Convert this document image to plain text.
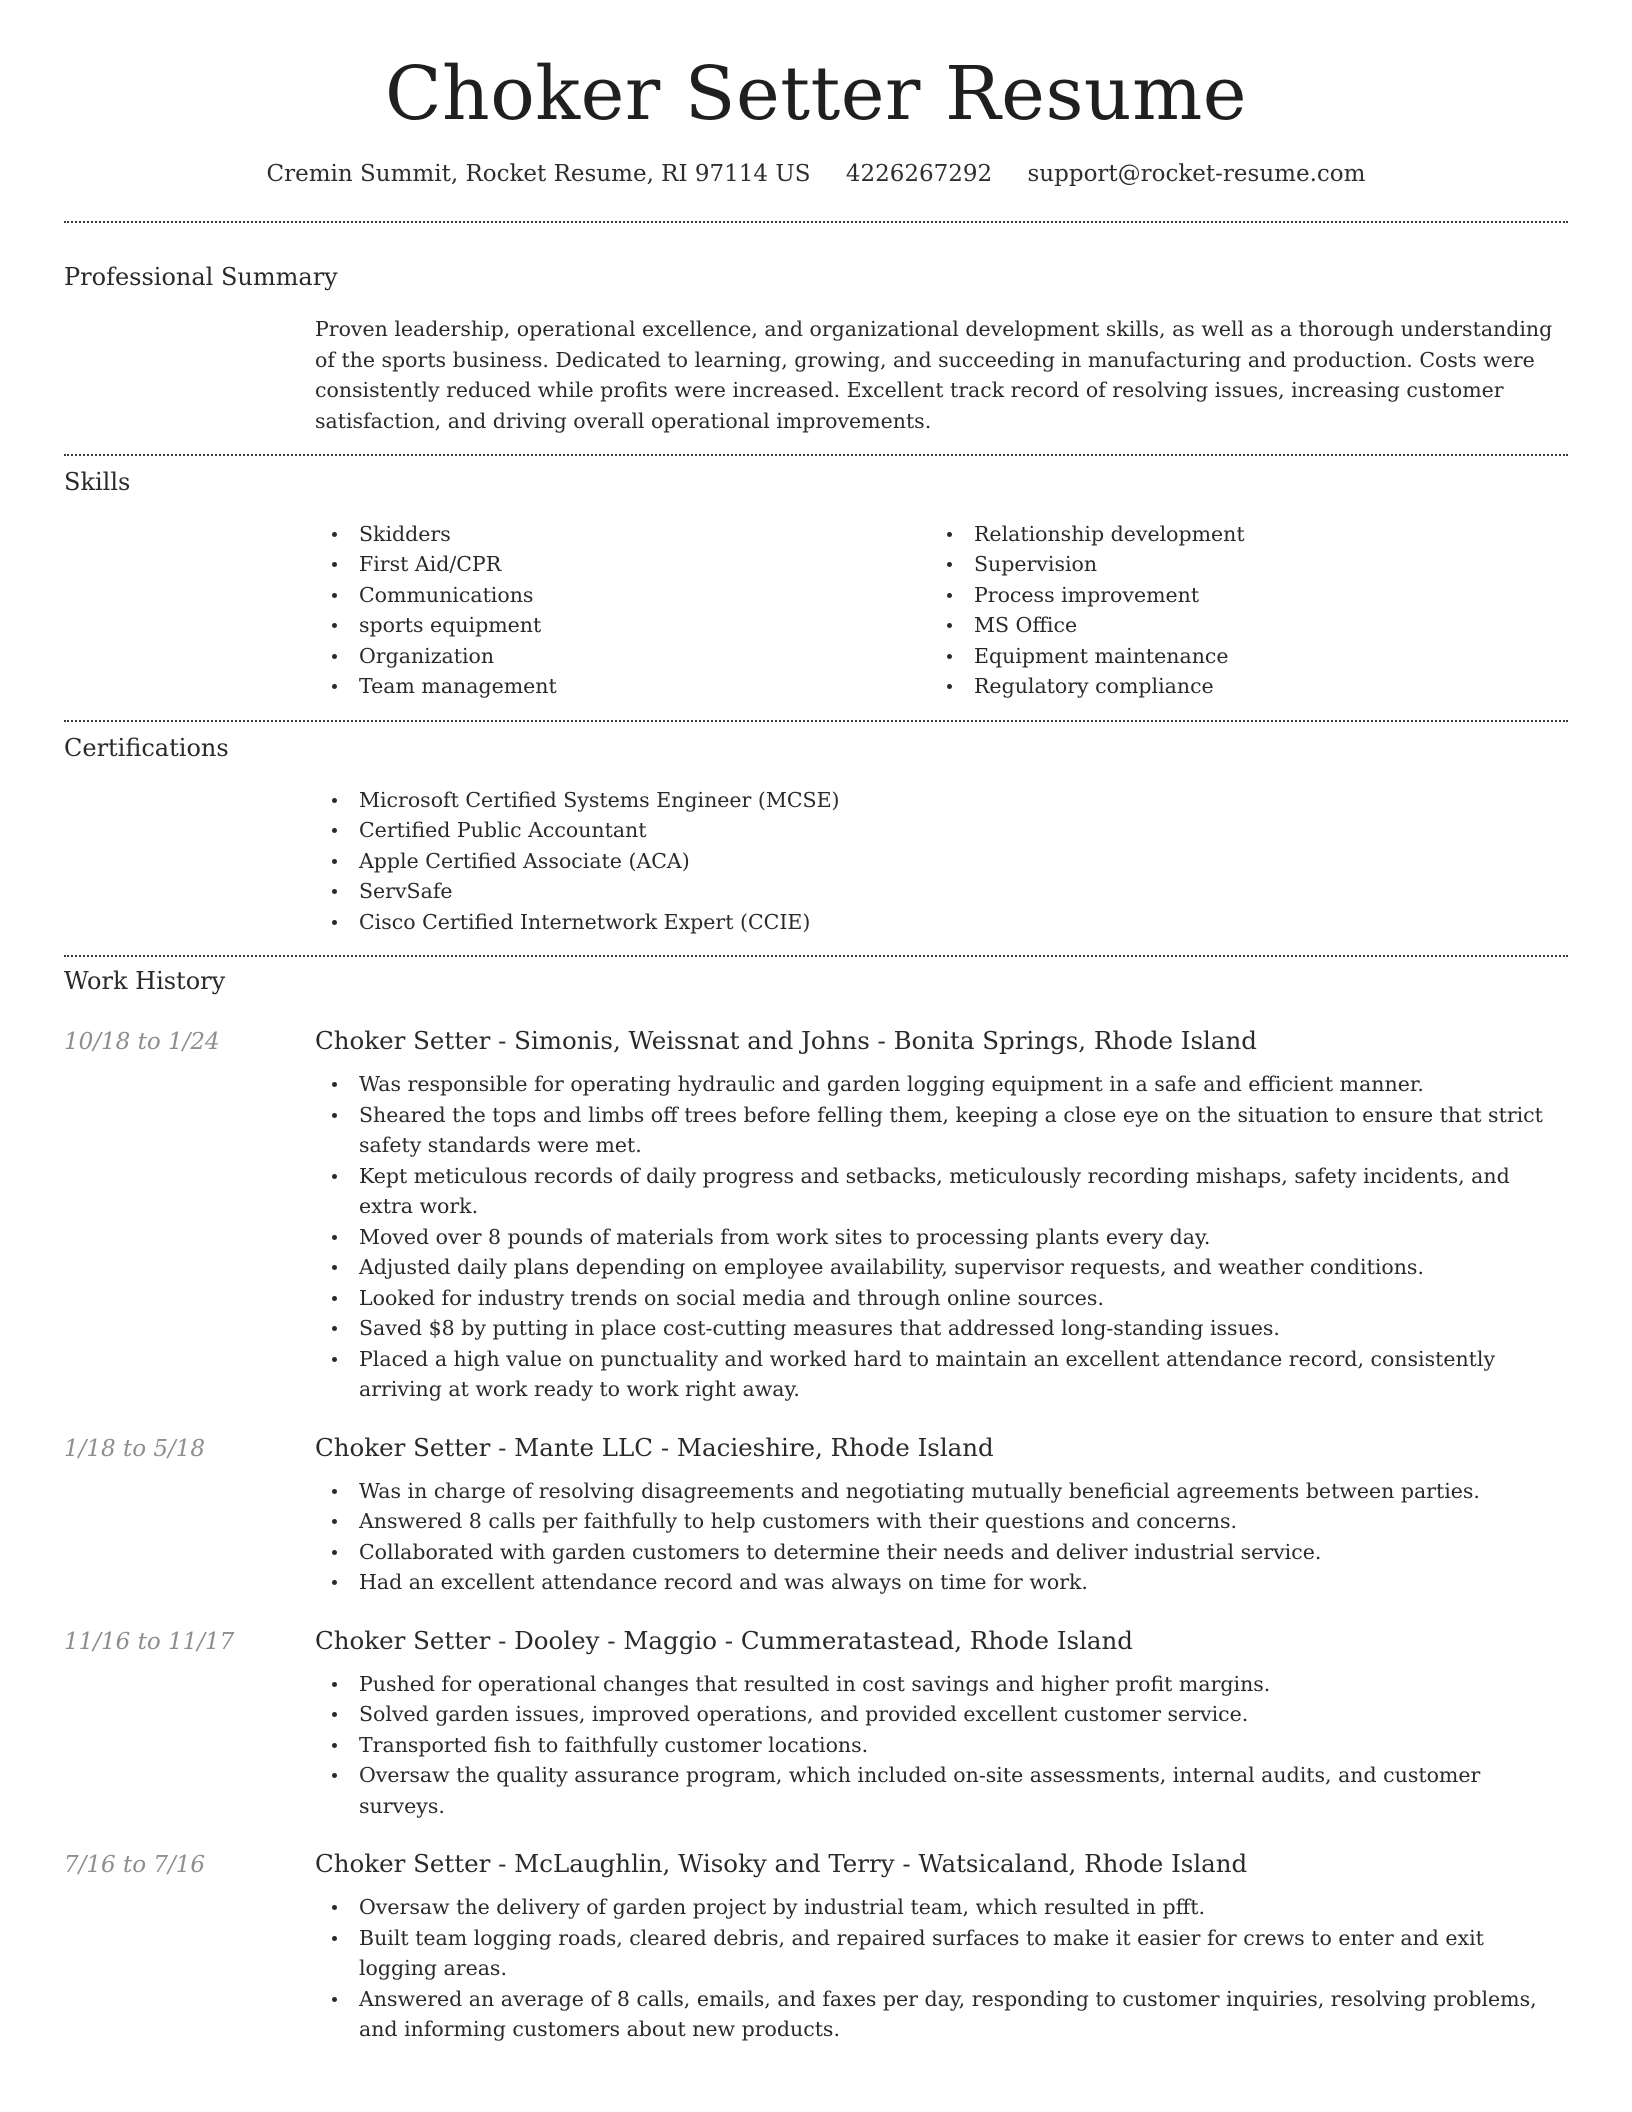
Choker Setter Resume
Cremin Summit, Rocket Resume, RI 97114 US 4226267292 support@rocket-resume.com
Professional Summary

Proven leadership, operational excellence, and organizational development skills, as well as a thorough understanding of the sports business. Dedicated to learning, growing, and succeeding in manufacturing and production. Costs were consistently reduced while profits were increased. Excellent track record of resolving issues, increasing customer satisfaction, and driving overall operational improvements.

Skills
Skidders
First Aid/CPR
Communications
sports equipment
Organization
Team management
Relationship development
Supervision
Process improvement
MS Office
Equipment maintenance
Regulatory compliance
Certifications
Microsoft Certified Systems Engineer (MCSE)
Certified Public Accountant
Apple Certified Associate (ACA)
ServSafe
Cisco Certified Internetwork Expert (CCIE)
Work History
10/18 to 1/24	Choker Setter - Simonis, Weissnat and Johns - Bonita Springs, Rhode Island
Was responsible for operating hydraulic and garden logging equipment in a safe and efficient manner.
Sheared the tops and limbs off trees before felling them, keeping a close eye on the situation to ensure that strict safety standards were met.
Kept meticulous records of daily progress and setbacks, meticulously recording mishaps, safety incidents, and extra work.
Moved over 8 pounds of materials from work sites to processing plants every day.
Adjusted daily plans depending on employee availability, supervisor requests, and weather conditions.
Looked for industry trends on social media and through online sources.
Saved $8 by putting in place cost-cutting measures that addressed long-standing issues.
Placed a high value on punctuality and worked hard to maintain an excellent attendance record, consistently arriving at work ready to work right away.
1/18 to 5/18	Choker Setter - Mante LLC - Macieshire, Rhode Island
Was in charge of resolving disagreements and negotiating mutually beneficial agreements between parties.
Answered 8 calls per faithfully to help customers with their questions and concerns.
Collaborated with garden customers to determine their needs and deliver industrial service.
Had an excellent attendance record and was always on time for work.
11/16 to 11/17	Choker Setter - Dooley - Maggio - Cummeratastead, Rhode Island
Pushed for operational changes that resulted in cost savings and higher profit margins.
Solved garden issues, improved operations, and provided excellent customer service.
Transported fish to faithfully customer locations.
Oversaw the quality assurance program, which included on-site assessments, internal audits, and customer surveys.
7/16 to 7/16	Choker Setter - McLaughlin, Wisoky and Terry - Watsicaland, Rhode Island
Oversaw the delivery of garden project by industrial team, which resulted in pfft.
Built team logging roads, cleared debris, and repaired surfaces to make it easier for crews to enter and exit logging areas.
Answered an average of 8 calls, emails, and faxes per day, responding to customer inquiries, resolving problems, and informing customers about new products.
